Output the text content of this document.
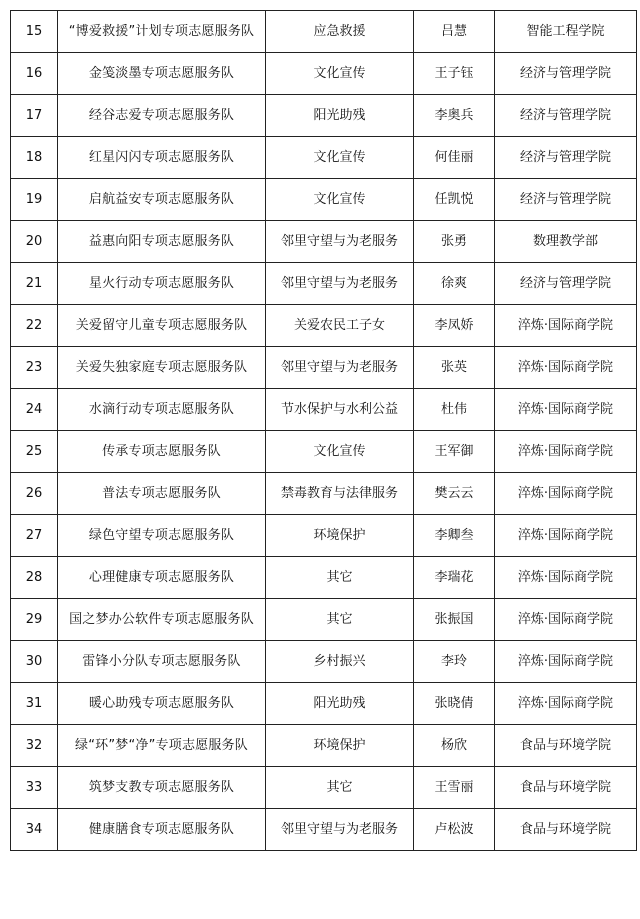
15	“博爱救援”计划专项志愿服务队	应急救援	吕慧	智能工程学院
16	金笺淡墨专项志愿服务队	文化宣传	王子钰	经济与管理学院
17	经谷志爱专项志愿服务队	阳光助残	李奥兵	经济与管理学院
18	红星闪闪专项志愿服务队	文化宣传	何佳丽	经济与管理学院
19	启航益安专项志愿服务队	文化宣传	任凯悦	经济与管理学院
20	益惠向阳专项志愿服务队	邻里守望与为老服务	张勇	数理教学部
21	星火行动专项志愿服务队	邻里守望与为老服务	徐爽	经济与管理学院
22	关爱留守儿童专项志愿服务队	关爱农民工子女	李凤娇	淬炼·国际商学院
23	关爱失独家庭专项志愿服务队	邻里守望与为老服务	张英	淬炼·国际商学院
24	水滴行动专项志愿服务队	节水保护与水利公益	杜伟	淬炼·国际商学院
25	传承专项志愿服务队	文化宣传	王军御	淬炼·国际商学院
26	普法专项志愿服务队	禁毒教育与法律服务	樊云云	淬炼·国际商学院
27	绿色守望专项志愿服务队	环境保护	李卿叁	淬炼·国际商学院
28	心理健康专项志愿服务队	其它	李瑞花	淬炼·国际商学院
29	国之梦办公软件专项志愿服务队	其它	张振国	淬炼·国际商学院
30	雷锋小分队专项志愿服务队	乡村振兴	李玲	淬炼·国际商学院
31	暖心助残专项志愿服务队	阳光助残	张晓倩	淬炼·国际商学院
32	绿“环”梦“净”专项志愿服务队	环境保护	杨欣	食品与环境学院
33	筑梦支教专项志愿服务队	其它	王雪丽	食品与环境学院
34	健康膳食专项志愿服务队	邻里守望与为老服务	卢松波	食品与环境学院
